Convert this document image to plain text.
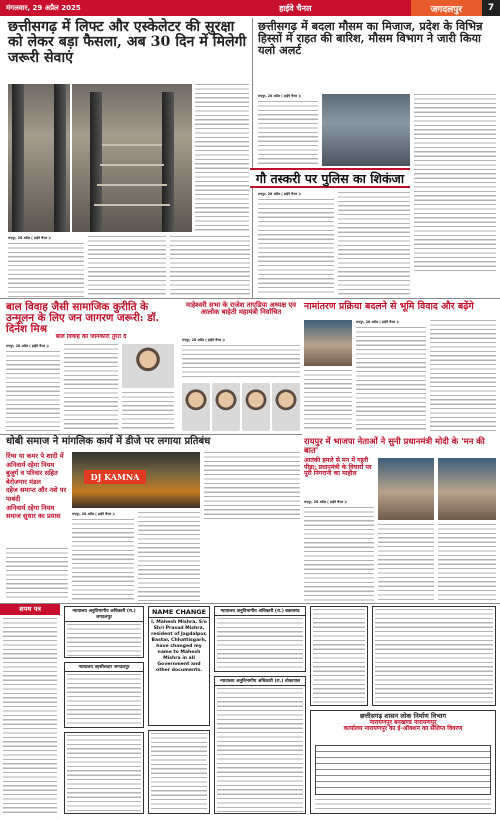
मंगलवार, 29 अप्रैल 2025	हाईवे चैनल	जगदलपुर	7
छत्तीसगढ़ में लिफ्ट और एस्केलेटर की सुरक्षा को लेकर बड़ा फैसला, अब 30 दिन में मिलेगी जरूरी सेवाएं
रायपुर, 28 अप्रैल ( हाईवे चैनल )।
छत्तीसगढ़ में बदला मौसम का मिजाज, प्रदेश के विभिन्न हिस्सों में राहत की बारिश, मौसम विभाग ने जारी किया यलो अलर्ट
रायपुर, 28 अप्रैल ( हाईवे चैनल )।
गौ तस्करी पर पुलिस का शिकंजा
रायपुर, 28 अप्रैल ( हाईवे चैनल )।
बाल विवाह जैसी सामाजिक कुरीति के उन्मूलन के लिए जन जागरण जरूरी: डॉ. दिनेश मिश्र
बाल विवाह की जानकारी तुरंत दें
रायपुर, 28 अप्रैल ( हाईवे चैनल )।
माहेश्वरी सभा के राजेश ताएडिया अध्यक्ष एव आलोक बाहेती महामंत्री निर्वाचित
रायपुर, 28 अप्रैल ( हाईवे चैनल )।
नामांतरण प्रक्रिया बदलने से भूमि विवाद और बढ़ेंगे
रायपुर, 28 अप्रैल ( हाईवे चैनल )।
धोबी समाज ने मांगलिक कार्य में डीजे पर लगाया प्रतिबंध
रिंग्स या कमर पे शादी में अनिवार्य रहेगा नियम
बुजुर्ग व परिवार सहित बेरोजगार मंडल
दहेज समाप्त और नशे पर पाबंदी
अनिवार्य रहेगा नियम
समाज सुधार का प्रयास
DJ KAMNA
रायपुर, 28 अप्रैल ( हाईवे चैनल )।
रायपुर में भाजपा नेताओं ने सुनी प्रधानमंत्री मोदी के 'मन की बात'
आतंकी हमले से मन में गहरी पीड़ा: प्रधानमंत्री के विचारों पर पूरी निगरानी का माहौल
रायपुर, 28 अप्रैल ( हाईवे चैनल )।
शपथ पत्र	न्यायालय अनुविभागीय अधिकारी (रा.) जगदलपुर
न्यायालय तहसीलदार जगदलपुर
NAME CHANGE
I, Mahesh Mishra, S/o Shri Prasad Mishra, resident of Jagdalpur, Bastar, Chhattisgarh, have changed my name to Mahesh Mishra in all Government and other documents.
न्यायालय अनुविभागीय अधिकारी (रा.) बकावण्ड
न्यायालय अनुविभागीय अधिकारी (रा.) तोकापाल
छत्तीसगढ़ शासन लोक निर्माण विभाग
नारायणपुर बनखण्ड नारायणपुर
कार्यालय नारायणपुर का ई-ऑक्शन का संशिप्त विवरण
